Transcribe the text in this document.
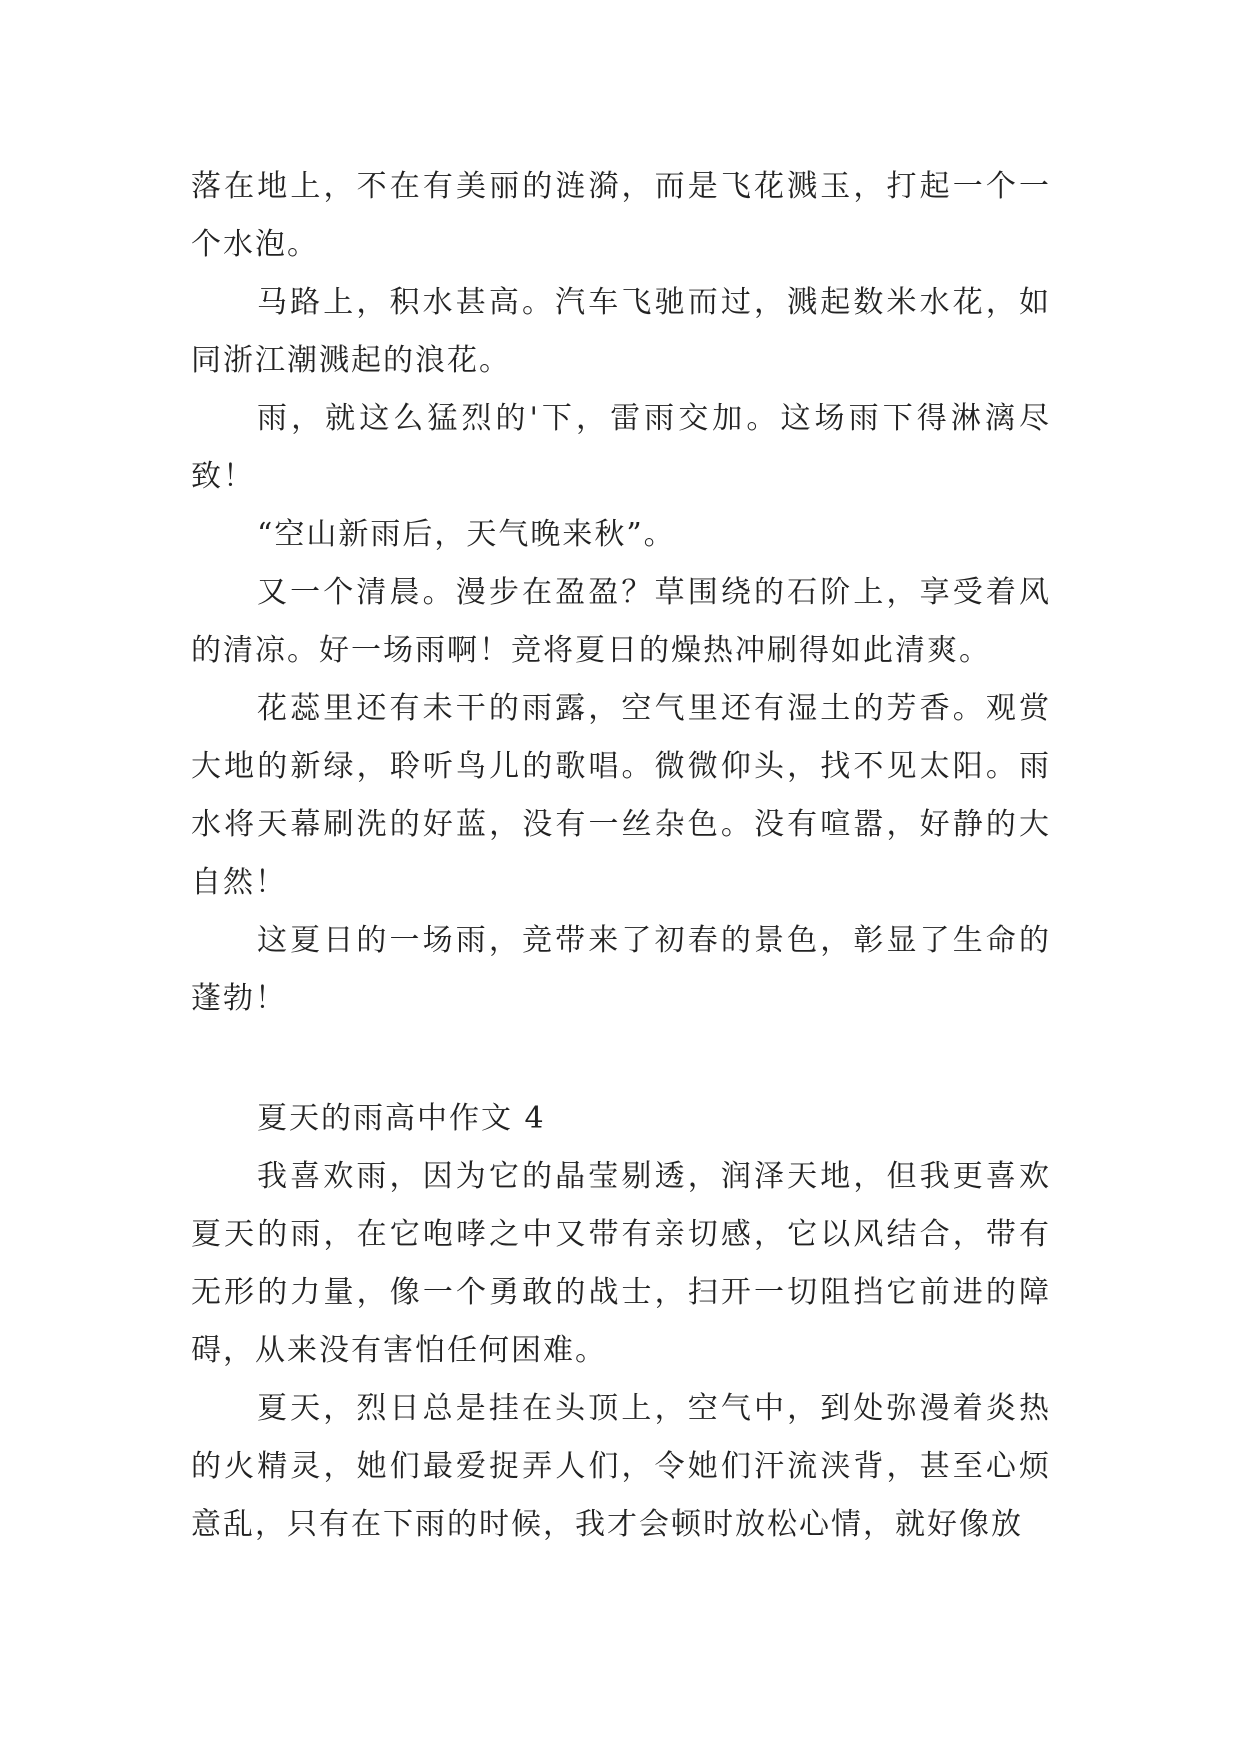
落在地上，不在有美丽的涟漪，而是飞花溅玉，打起一个一个水泡。

马路上，积水甚高。汽车飞驰而过，溅起数米水花，如同浙江潮溅起的浪花。

雨，就这么猛烈的'下，雷雨交加。这场雨下得淋漓尽致！

“空山新雨后，天气晚来秋”。

又一个清晨。漫步在盈盈？草围绕的石阶上，享受着风的清凉。好一场雨啊！竞将夏日的燥热冲刷得如此清爽。

花蕊里还有未干的雨露，空气里还有湿土的芳香。观赏大地的新绿，聆听鸟儿的歌唱。微微仰头，找不见太阳。雨水将天幕刷洗的好蓝，没有一丝杂色。没有喧嚣，好静的大自然！

这夏日的一场雨，竞带来了初春的景色，彰显了生命的蓬勃！

夏天的雨高中作文 4

我喜欢雨，因为它的晶莹剔透，润泽天地，但我更喜欢夏天的雨，在它咆哮之中又带有亲切感，它以风结合，带有无形的力量，像一个勇敢的战士，扫开一切阻挡它前进的障碍，从来没有害怕任何困难。

夏天，烈日总是挂在头顶上，空气中，到处弥漫着炎热的火精灵，她们最爱捉弄人们，令她们汗流浃背，甚至心烦意乱，只有在下雨的时候，我才会顿时放松心情，就好像放
